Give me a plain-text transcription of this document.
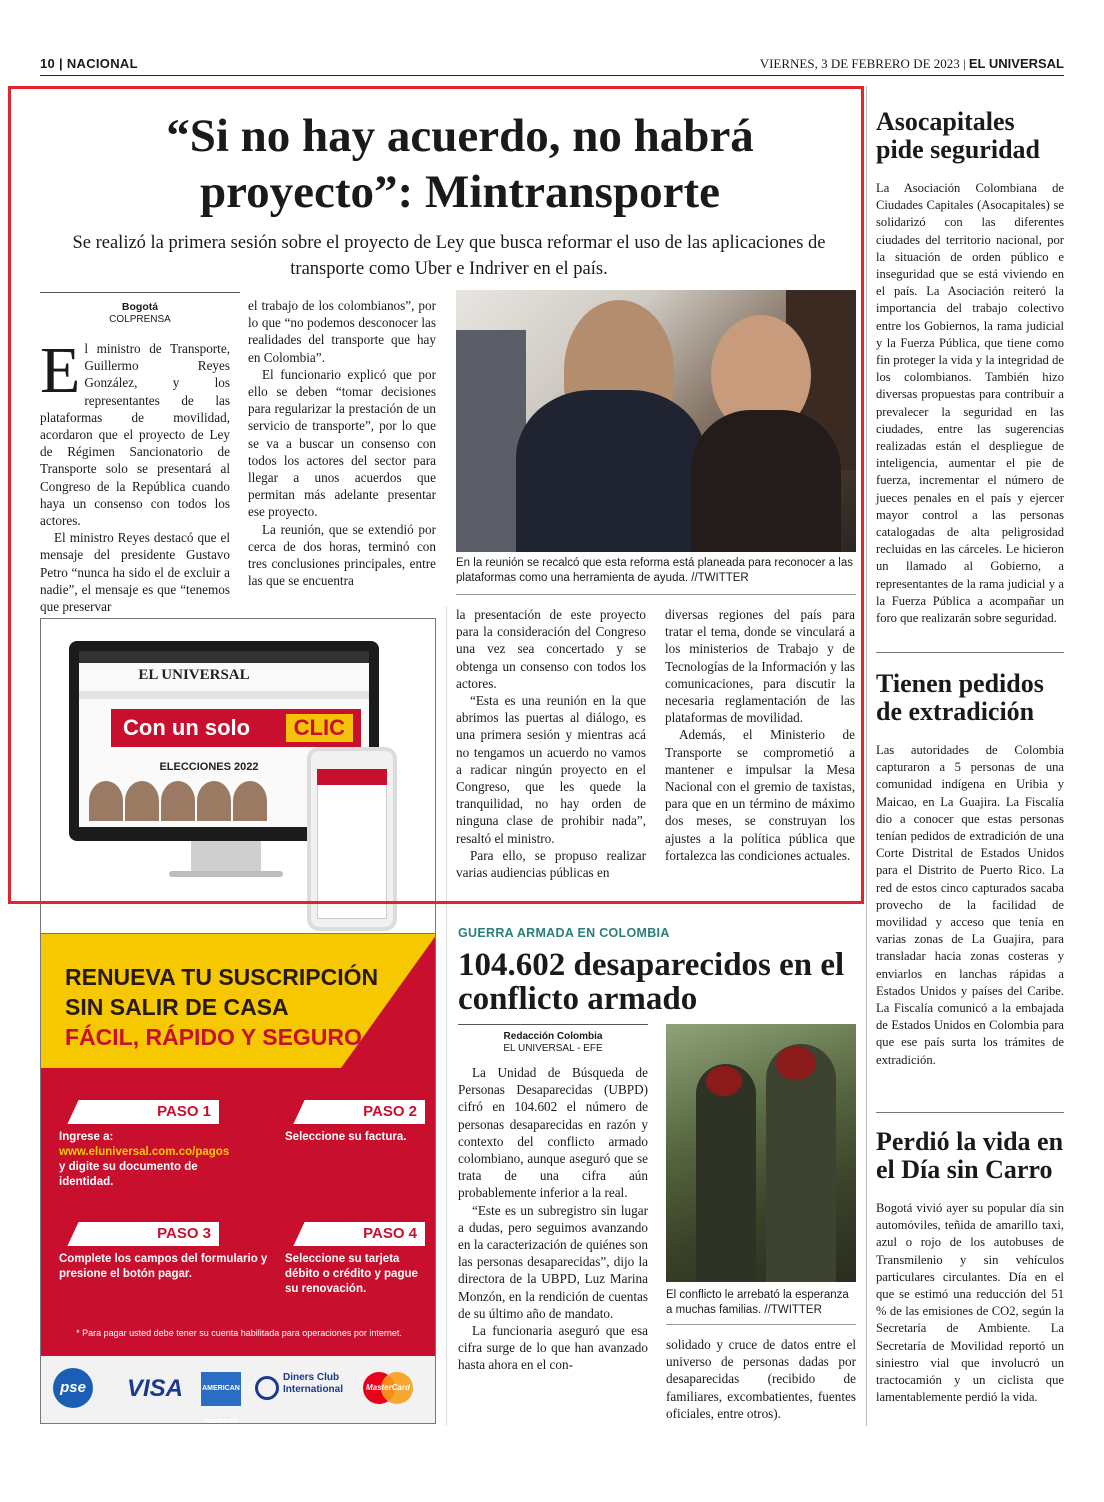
10 | NACIONAL	VIERNES, 3 DE FEBRERO DE 2023 | EL UNIVERSAL
“Si no hay acuerdo, no habrá proyecto”: Mintransporte
Se realizó la primera sesión sobre el proyecto de Ley que busca reformar el uso de las aplicaciones de transporte como Uber e Indriver en el país.
Bogotá
COLPRENSA
E l ministro de Transporte, Guillermo Reyes González, y los representantes de las plataformas de movilidad, acordaron que el proyecto de Ley de Régimen Sancionatorio de Transporte solo se presentará al Congreso de la República cuando haya un consenso con todos los actores.

El ministro Reyes destacó que el mensaje del presidente Gustavo Petro “nunca ha sido el de excluir a nadie”, el mensaje es que “tenemos que preservar

el trabajo de los colombianos”, por lo que “no podemos desconocer las realidades del transporte que hay en Colombia”.

El funcionario explicó que por ello se deben “tomar decisiones para regularizar la prestación de un servicio de transporte”, por lo que se va a buscar un consenso con todos los actores del sector para llegar a unos acuerdos que permitan más adelante presentar ese proyecto.

La reunión, que se extendió por cerca de dos horas, terminó con tres conclusiones principales, entre las que se encuentra

En la reunión se recalcó que esta reforma está planeada para reconocer a las plataformas como una herramienta de ayuda. //TWITTER

la presentación de este proyecto para la consideración del Congreso una vez sea concertado y se obtenga un consenso con todos los actores.

“Esta es una reunión en la que abrimos las puertas al diálogo, es una primera sesión y mientras acá no tengamos un acuerdo no vamos a radicar ningún proyecto en el Congreso, que les quede la tranquilidad, no hay orden de ninguna clase de prohibir nada”, resaltó el ministro.

Para ello, se propuso realizar varias audiencias públicas en

diversas regiones del país para tratar el tema, donde se vinculará a los ministerios de Trabajo y de Tecnologías de la Información y las comunicaciones, para discutir la necesaria reglamentación de las plataformas de movilidad.

Además, el Ministerio de Transporte se comprometió a mantener e impulsar la Mesa Nacional con el gremio de taxistas, para que en un término de máximo dos meses, se construyan los ajustes a la política pública que fortalezca las condiciones actuales.

EL UNIVERSAL
Con un solo	CLIC
ELECCIONES 2022
RENUEVA TU SUSCRIPCIÓN
SIN SALIR DE CASA
FÁCIL, RÁPIDO Y SEGURO
PASO 1
Ingrese a:
www.eluniversal.com.co/pagos
y digite su documento de identidad.
PASO 2
Seleccione su factura.
PASO 3
Complete los campos del formulario y presione el botón pagar.
PASO 4
Seleccione su tarjeta débito o crédito y pague su renovación.
* Para pagar usted debe tener su cuenta habilitada para operaciones por internet.
pse VISA	AMERICAN EXPRESS
Diners Club International	MasterCard
GUERRA ARMADA EN COLOMBIA
104.602 desaparecidos en el conflicto armado
Redacción Colombia
EL UNIVERSAL - EFE

La Unidad de Búsqueda de Personas Desaparecidas (UBPD) cifró en 104.602 el número de personas desaparecidas en razón y contexto del conflicto armado colombiano, aunque aseguró que se trata de una cifra aún probablemente inferior a la real.

“Este es un subregistro sin lugar a dudas, pero seguimos avanzando en la caracterización de quiénes son las personas desaparecidas”, dijo la directora de la UBPD, Luz Marina Monzón, en la rendición de cuentas de su último año de mandato.

La funcionaria aseguró que esa cifra surge de lo que han avanzado hasta ahora en el con-

El conflicto le arrebató la esperanza a muchas familias. //TWITTER

solidado y cruce de datos entre el universo de personas dadas por desaparecidas (recibido de familiares, excombatientes, fuentes oficiales, entre otros).

Asocapitales pide seguridad
La Asociación Colombiana de Ciudades Capitales (Asocapitales) se solidarizó con las diferentes ciudades del territorio nacional, por la situación de orden público e inseguridad que se está viviendo en el país. La Asociación reiteró la importancia del trabajo colectivo entre los Gobiernos, la rama judicial y la Fuerza Pública, que tiene como fin proteger la vida y la integridad de los colombianos. También hizo diversas propuestas para contribuir a prevalecer la seguridad en las ciudades, entre las sugerencias realizadas están el despliegue de inteligencia, aumentar el pie de fuerza, incrementar el número de jueces penales en el país y ejercer mayor control a las personas catalogadas de alta peligrosidad recluidas en las cárceles. Le hicieron un llamado al Gobierno, a representantes de la rama judicial y a la Fuerza Pública a acompañar un foro que realizarán sobre seguridad.
Tienen pedidos de extradición
Las autoridades de Colombia capturaron a 5 personas de una comunidad indígena en Uribia y Maicao, en La Guajira. La Fiscalía dio a conocer que estas personas tenían pedidos de extradición de una Corte Distrital de Estados Unidos para el Distrito de Puerto Rico. La red de estos cinco capturados sacaba provecho de la facilidad de movilidad y acceso que tenía en varias zonas de La Guajira, para transladar hacia zonas costeras y enviarlos en lanchas rápidas a Estados Unidos y países del Caribe. La Fiscalía comunicó a la embajada de Estados Unidos en Colombia para que ese país surta los trámites de extradición.
Perdió la vida en el Día sin Carro
Bogotá vivió ayer su popular día sin automóviles, teñida de amarillo taxi, azul o rojo de los autobuses de Transmilenio y sin vehículos particulares circulantes. Día en el que se estimó una reducción del 51 % de las emisiones de CO2, según la Secretaría de Ambiente. La Secretaría de Movilidad reportó un siniestro vial que involucró un tractocamión y un ciclista que lamentablemente perdió la vida.
